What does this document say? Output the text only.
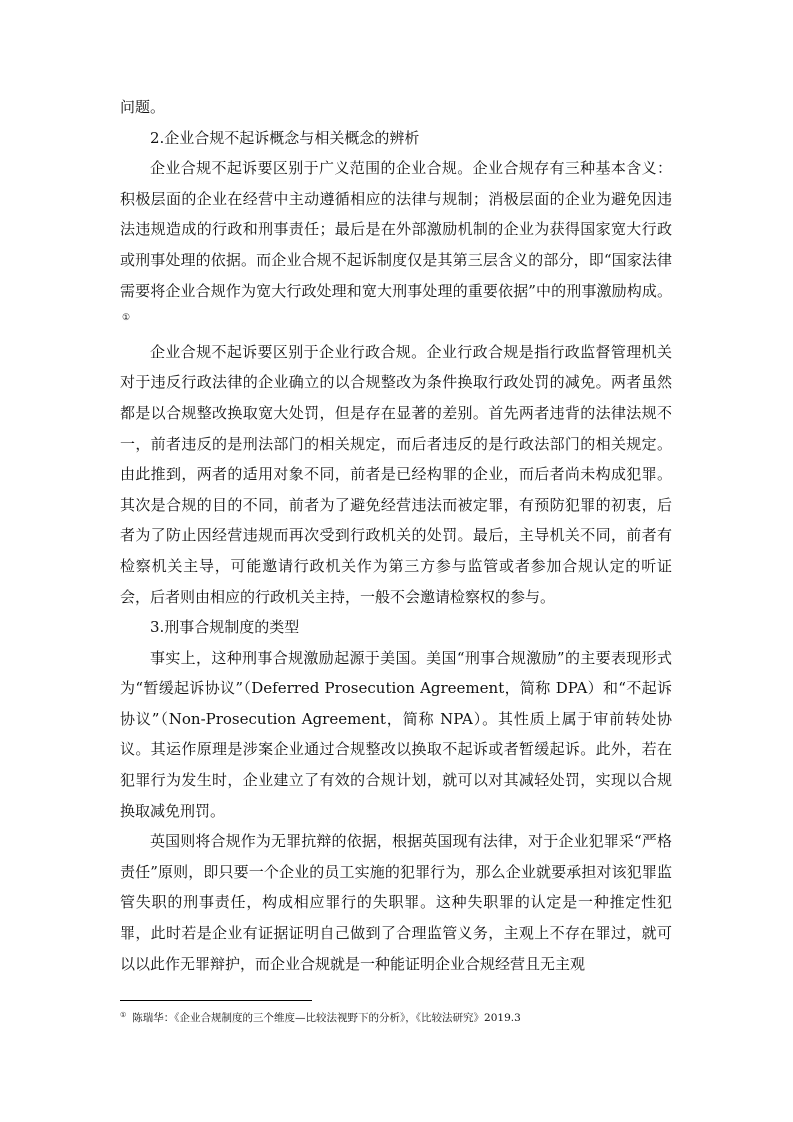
问题。

2.企业合规不起诉概念与相关概念的辨析

企业合规不起诉要区别于广义范围的企业合规。企业合规存有三种基本含义：积极层面的企业在经营中主动遵循相应的法律与规制；消极层面的企业为避免因违法违规造成的行政和刑事责任；最后是在外部激励机制的企业为获得国家宽大行政或刑事处理的依据。而企业合规不起诉制度仅是其第三层含义的部分，即“国家法律需要将企业合规作为宽大行政处理和宽大刑事处理的重要依据”中的刑事激励构成。①

企业合规不起诉要区别于企业行政合规。企业行政合规是指行政监督管理机关对于违反行政法律的企业确立的以合规整改为条件换取行政处罚的减免。两者虽然都是以合规整改换取宽大处罚，但是存在显著的差别。首先两者违背的法律法规不一，前者违反的是刑法部门的相关规定，而后者违反的是行政法部门的相关规定。由此推到，两者的适用对象不同，前者是已经构罪的企业，而后者尚未构成犯罪。其次是合规的目的不同，前者为了避免经营违法而被定罪，有预防犯罪的初衷，后者为了防止因经营违规而再次受到行政机关的处罚。最后，主导机关不同，前者有检察机关主导，可能邀请行政机关作为第三方参与监管或者参加合规认定的听证会，后者则由相应的行政机关主持，一般不会邀请检察权的参与。

3.刑事合规制度的类型

事实上，这种刑事合规激励起源于美国。美国“刑事合规激励”的主要表现形式为“暂缓起诉协议”（Deferred Prosecution Agreement，简称 DPA）和“不起诉协议”（Non-Prosecution Agreement，简称 NPA）。其性质上属于审前转处协议。其运作原理是涉案企业通过合规整改以换取不起诉或者暂缓起诉。此外，若在犯罪行为发生时，企业建立了有效的合规计划，就可以对其减轻处罚，实现以合规换取减免刑罚。

英国则将合规作为无罪抗辩的依据，根据英国现有法律，对于企业犯罪采“严格责任”原则，即只要一个企业的员工实施的犯罪行为，那么企业就要承担对该犯罪监管失职的刑事责任，构成相应罪行的失职罪。这种失职罪的认定是一种推定性犯罪，此时若是企业有证据证明自己做到了合理监管义务，主观上不存在罪过，就可以以此作无罪辩护，而企业合规就是一种能证明企业合规经营且无主观

① 陈瑞华：《企业合规制度的三个维度—比较法视野下的分析》，《比较法研究》2019.3
